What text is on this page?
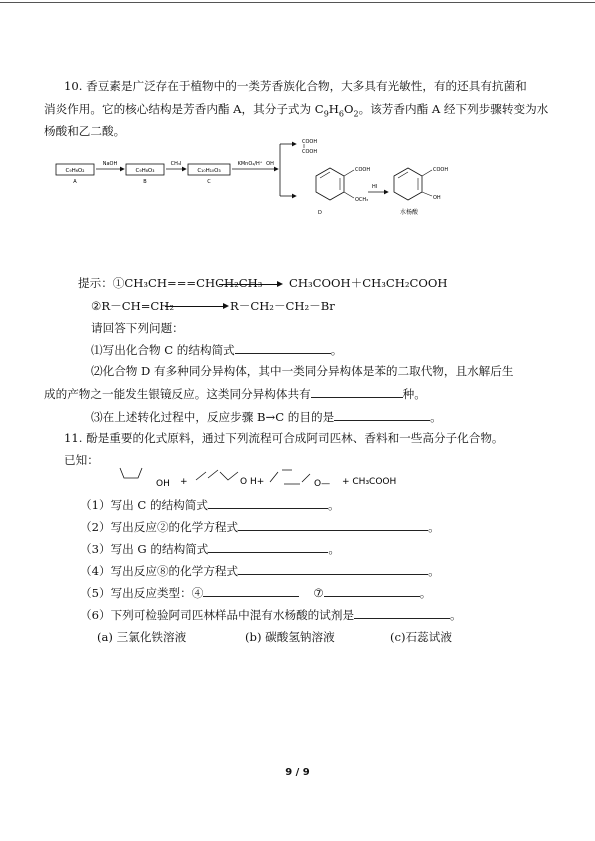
10. 香豆素是广泛存在于植物中的一类芳香族化合物，大多具有光敏性，有的还具有抗菌和
消炎作用。它的核心结构是芳香内酯 A，其分子式为 $C_9H_6O_2$。该芳香内酯 A 经下列步骤转变为水
杨酸和乙二酸。
C₉H₆O₂
A
NaOH
C₉H₈O₃
B
CH₃I
C₁₀H₁₀O₃
C
KMnO₄/H⁺ OH
COOH
COOH
COOH
OCH₃
D
HI
COOH
OH
水杨酸
提示：①CH₃CH===CHCH₂CH₃ CH₃COOH＋CH₃CH₂COOH
②R－CH=CH₂	R－CH₂－CH₂－Br
请回答下列问题：
⑴写出化合物 C 的结构简式	。
⑵化合物 D 有多种同分异构体，其中一类同分异构体是苯的二取代物，且水解后生
成的产物之一能发生银镜反应。这类同分异构体共有	种。
⑶在上述转化过程中，反应步骤 B→C 的目的是	。
11. 酚是重要的化式原料，通过下列流程可合成阿司匹林、香料和一些高分子化合物。
已知：
OH +	O H+	O— + CH₃COOH
（1）写出 C 的结构简式	。
（2）写出反应②的化学方程式	。
（3）写出 G 的结构简式	。
（4）写出反应⑧的化学方程式	。
（5）写出反应类型：④	⑦	。
（6）下列可检验阿司匹林样品中混有水杨酸的试剂是	。
(a) 三氯化铁溶液	(b) 碳酸氢钠溶液	(c)石蕊试液
9 / 9
